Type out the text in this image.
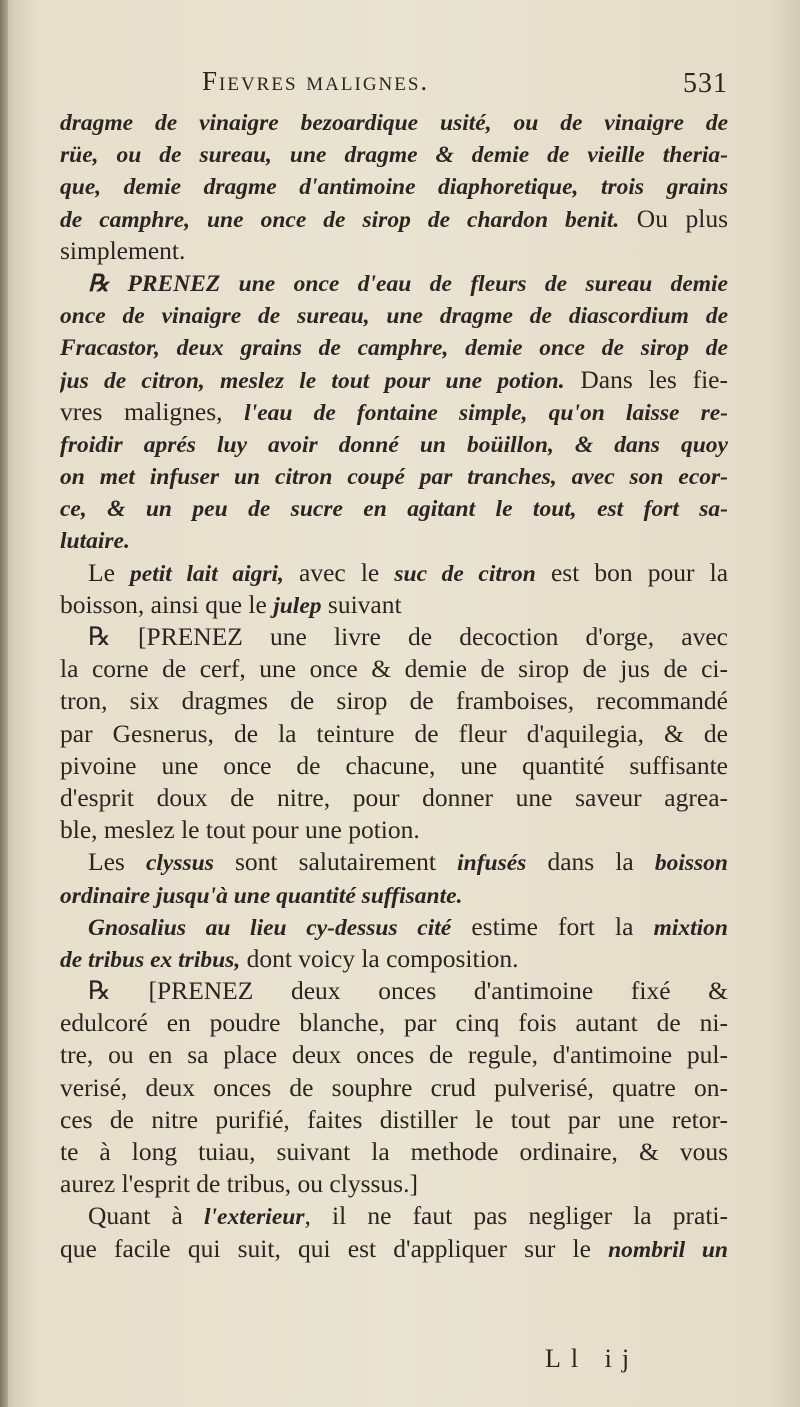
Fievres malignes.	531
dragme de vinaigre bezoardique usité, ou de vinaigre de
rüe, ou de sureau, une dragme & demie de vieille theria-
que, demie dragme d'antimoine diaphoretique, trois grains
de camphre, une once de sirop de chardon benit. Ou plus
simplement.
℞ PRENEZ une once d'eau de fleurs de sureau demie
once de vinaigre de sureau, une dragme de diascordium de
Fracastor, deux grains de camphre, demie once de sirop de
jus de citron, meslez le tout pour une potion. Dans les fie-
vres malignes, l'eau de fontaine simple, qu'on laisse re-
froidir aprés luy avoir donné un boüillon, & dans quoy
on met infuser un citron coupé par tranches, avec son ecor-
ce, & un peu de sucre en agitant le tout, est fort sa-
lutaire.
Le petit lait aigri, avec le suc de citron est bon pour la
boisson, ainsi que le julep suivant
℞ [PRENEZ une livre de decoction d'orge, avec
la corne de cerf, une once & demie de sirop de jus de ci-
tron, six dragmes de sirop de framboises, recommandé
par Gesnerus, de la teinture de fleur d'aquilegia, & de
pivoine une once de chacune, une quantité suffisante
d'esprit doux de nitre, pour donner une saveur agrea-
ble, meslez le tout pour une potion.
Les clyssus sont salutairement infusés dans la boisson
ordinaire jusqu'à une quantité suffisante.
Gnosalius au lieu cy-dessus cité estime fort la mixtion
de tribus ex tribus, dont voicy la composition.
℞ [PRENEZ deux onces d'antimoine fixé &
edulcoré en poudre blanche, par cinq fois autant de ni-
tre, ou en sa place deux onces de regule, d'antimoine pul-
verisé, deux onces de souphre crud pulverisé, quatre on-
ces de nitre purifié, faites distiller le tout par une retor-
te à long tuiau, suivant la methode ordinaire, & vous
aurez l'esprit de tribus, ou clyssus.]
Quant à l'exterieur, il ne faut pas negliger la prati-
que facile qui suit, qui est d'appliquer sur le nombril un
Ll ij
